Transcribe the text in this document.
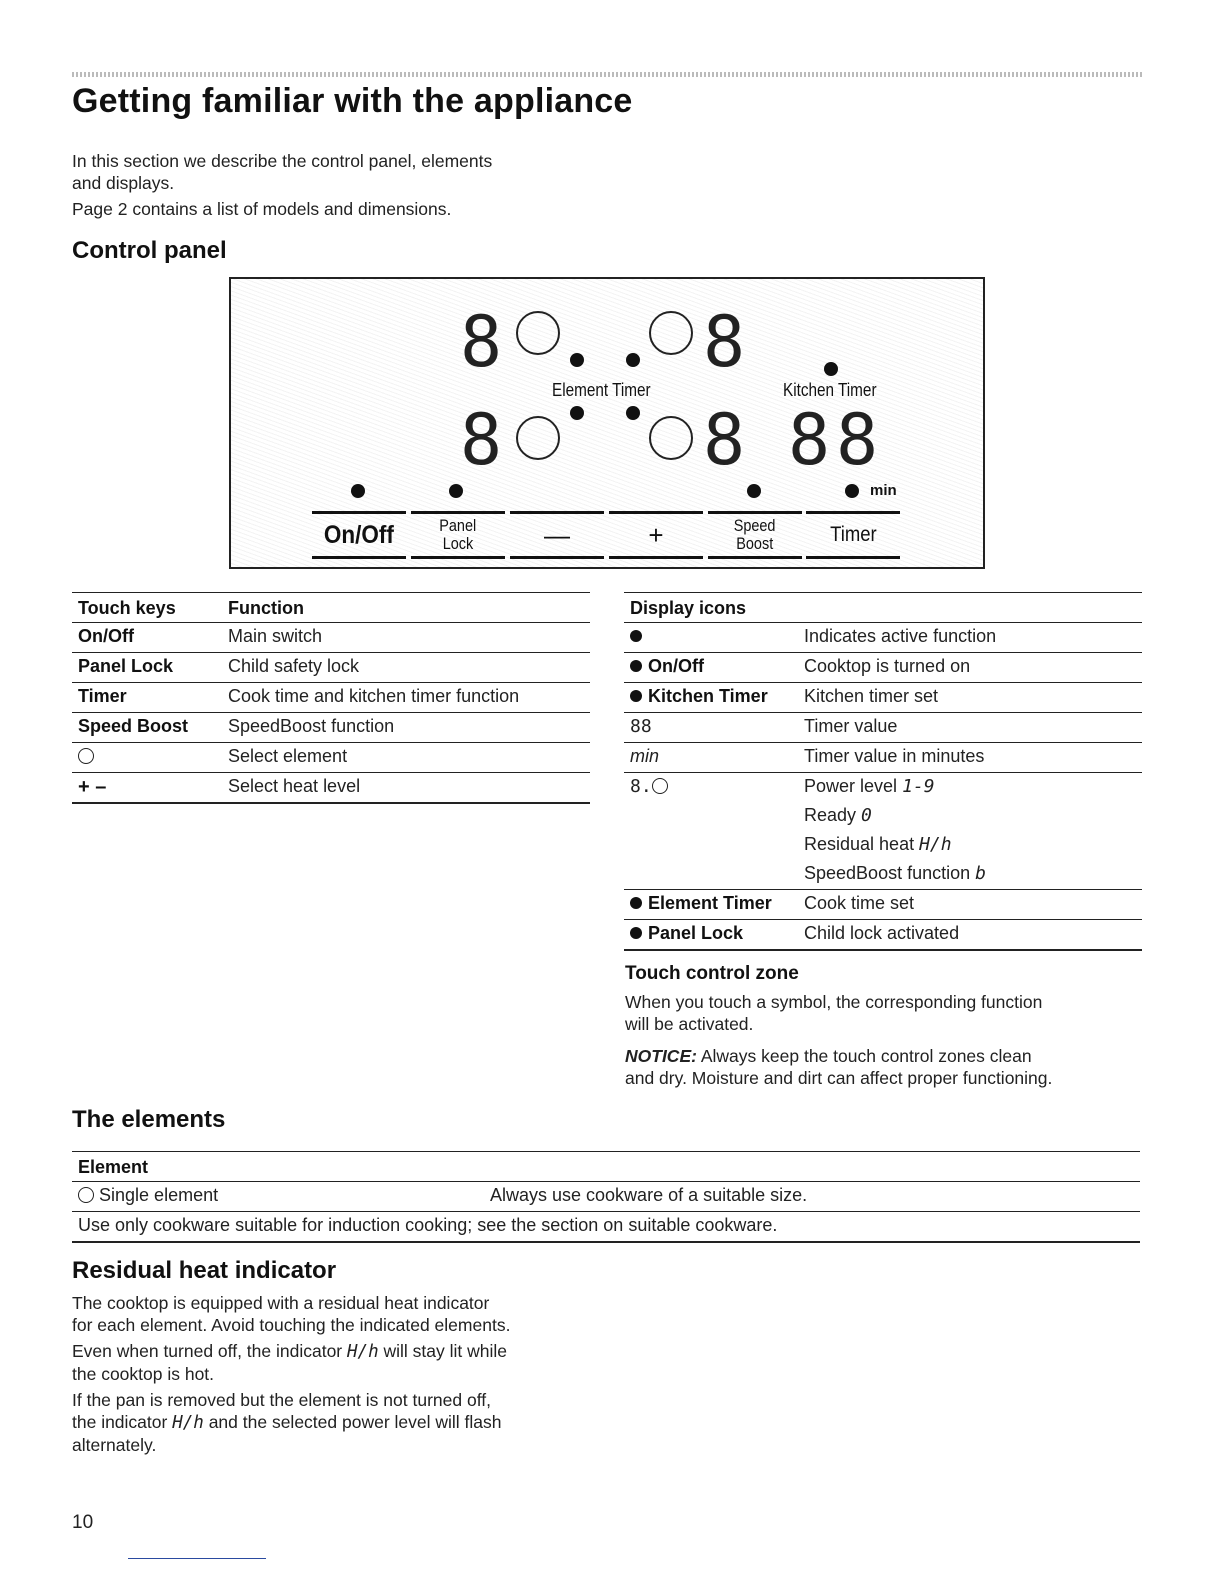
Getting familiar with the appliance
In this section we describe the control panel, elements
and displays.
Page 2 contains a list of models and dimensions.
Control panel
8	8
Element Timer	Kitchen Timer
8	8 8 8
min
On/Off	Panel
Lock	—	+	Speed
Boost	Timer
Touch keys	Function
On/Off	Main switch
Panel Lock	Child safety lock
Timer	Cook time and kitchen timer function
Speed Boost	SpeedBoost function
	Select element
+ –	Select heat level
Display icons	
	Indicates active function
On/Off	Cooktop is turned on
Kitchen Timer	Kitchen timer set
88	Timer value
min	Timer value in minutes
8.	Power level 1-9
	Ready 0
	Residual heat H/h
	SpeedBoost function b
Element Timer	Cook time set
Panel Lock	Child lock activated
Touch control zone
When you touch a symbol, the corresponding function
will be activated.
NOTICE: Always keep the touch control zones clean
and dry. Moisture and dirt can affect proper functioning.
The elements
Element
Single element	Always use cookware of a suitable size.
Use only cookware suitable for induction cooking; see the section on suitable cookware.
Residual heat indicator
The cooktop is equipped with a residual heat indicator
for each element. Avoid touching the indicated elements.
Even when turned off, the indicator H/h will stay lit while
the cooktop is hot.
If the pan is removed but the element is not turned off,
the indicator H/h and the selected power level will flash
alternately.
10
